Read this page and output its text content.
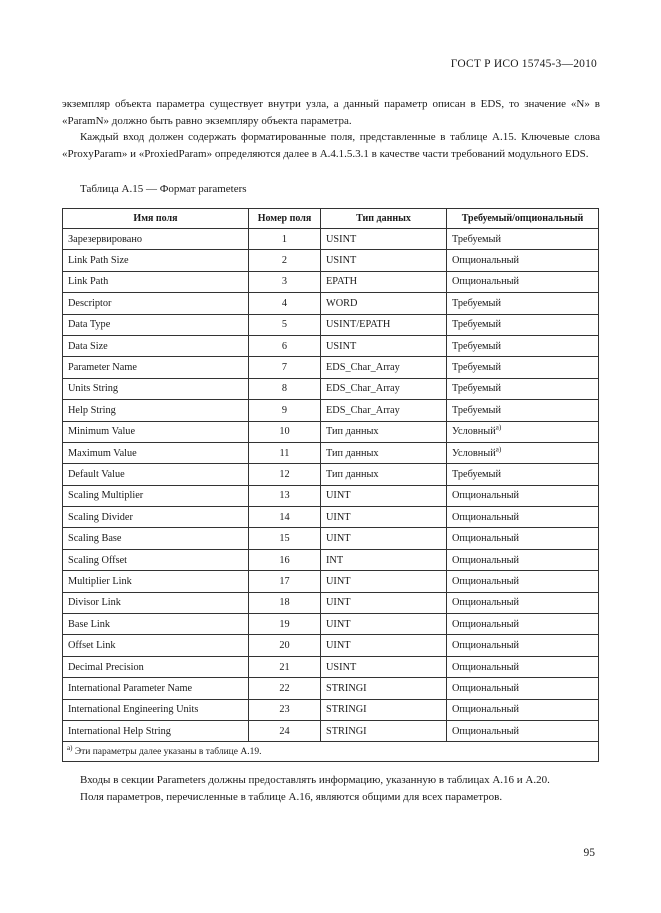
ГОСТ Р ИСО 15745-3—2010
экземпляр объекта параметра существует внутри узла, а данный параметр описан в EDS, то значение «N» в «ParamN» должно быть равно экземпляру объекта параметра.
Каждый вход должен содержать форматированные поля, представленные в таблице А.15. Ключевые слова «ProxyParam» и «ProxiedParam» определяются далее в А.4.1.5.3.1 в качестве части требований модульного EDS.
Таблица А.15 — Формат parameters
Имя поля	Номер поля	Тип данных	Требуемый/опциональный
Зарезервировано	1	USINT	Требуемый
Link Path Size	2	USINT	Опциональный
Link Path	3	EPATH	Опциональный
Descriptor	4	WORD	Требуемый
Data Type	5	USINT/EPATH	Требуемый
Data Size	6	USINT	Требуемый
Parameter Name	7	EDS_Char_Array	Требуемый
Units String	8	EDS_Char_Array	Требуемый
Help String	9	EDS_Char_Array	Требуемый
Minimum Value	10	Тип данных	Условный$^{a)}$
Maximum Value	11	Тип данных	Условный$^{a)}$
Default Value	12	Тип данных	Требуемый
Scaling Multiplier	13	UINT	Опциональный
Scaling Divider	14	UINT	Опциональный
Scaling Base	15	UINT	Опциональный
Scaling Offset	16	INT	Опциональный
Multiplier Link	17	UINT	Опциональный
Divisor Link	18	UINT	Опциональный
Base Link	19	UINT	Опциональный
Offset Link	20	UINT	Опциональный
Decimal Precision	21	USINT	Опциональный
International Parameter Name	22	STRINGI	Опциональный
International Engineering Units	23	STRINGI	Опциональный
International Help String	24	STRINGI	Опциональный
$^{a)}$ Эти параметры далее указаны в таблице А.19.			
Входы в секции Parameters должны предоставлять информацию, указанную в таблицах А.16 и А.20.
Поля параметров, перечисленные в таблице А.16, являются общими для всех параметров.
95
